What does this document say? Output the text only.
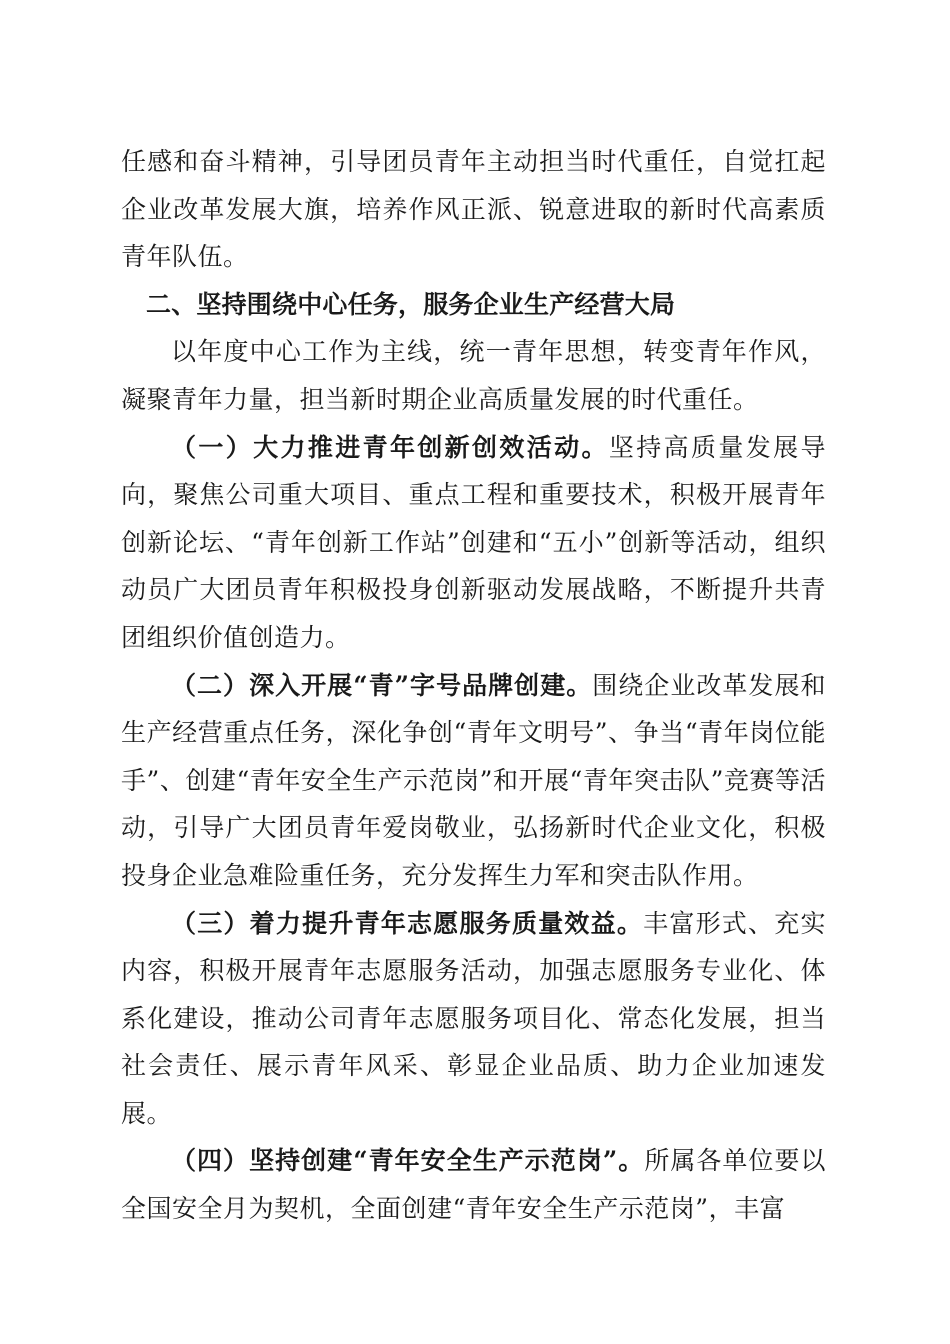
任感和奋斗精神，引导团员青年主动担当时代重任，自觉扛起企业改革发展大旗，培养作风正派、锐意进取的新时代高素质青年队伍。

二、坚持围绕中心任务，服务企业生产经营大局

以年度中心工作为主线，统一青年思想，转变青年作风，凝聚青年力量，担当新时期企业高质量发展的时代重任。

（一）大力推进青年创新创效活动。坚持高质量发展导向，聚焦公司重大项目、重点工程和重要技术，积极开展青年创新论坛、“青年创新工作站”创建和“五小”创新等活动，组织动员广大团员青年积极投身创新驱动发展战略，不断提升共青团组织价值创造力。

（二）深入开展“青”字号品牌创建。围绕企业改革发展和生产经营重点任务，深化争创“青年文明号”、争当“青年岗位能手”、创建“青年安全生产示范岗”和开展“青年突击队”竞赛等活动，引导广大团员青年爱岗敬业，弘扬新时代企业文化，积极投身企业急难险重任务，充分发挥生力军和突击队作用。

（三）着力提升青年志愿服务质量效益。丰富形式、充实内容，积极开展青年志愿服务活动，加强志愿服务专业化、体系化建设，推动公司青年志愿服务项目化、常态化发展，担当社会责任、展示青年风采、彰显企业品质、助力企业加速发展。

（四）坚持创建“青年安全生产示范岗”。所属各单位要以全国安全月为契机，全面创建“青年安全生产示范岗”，丰富
